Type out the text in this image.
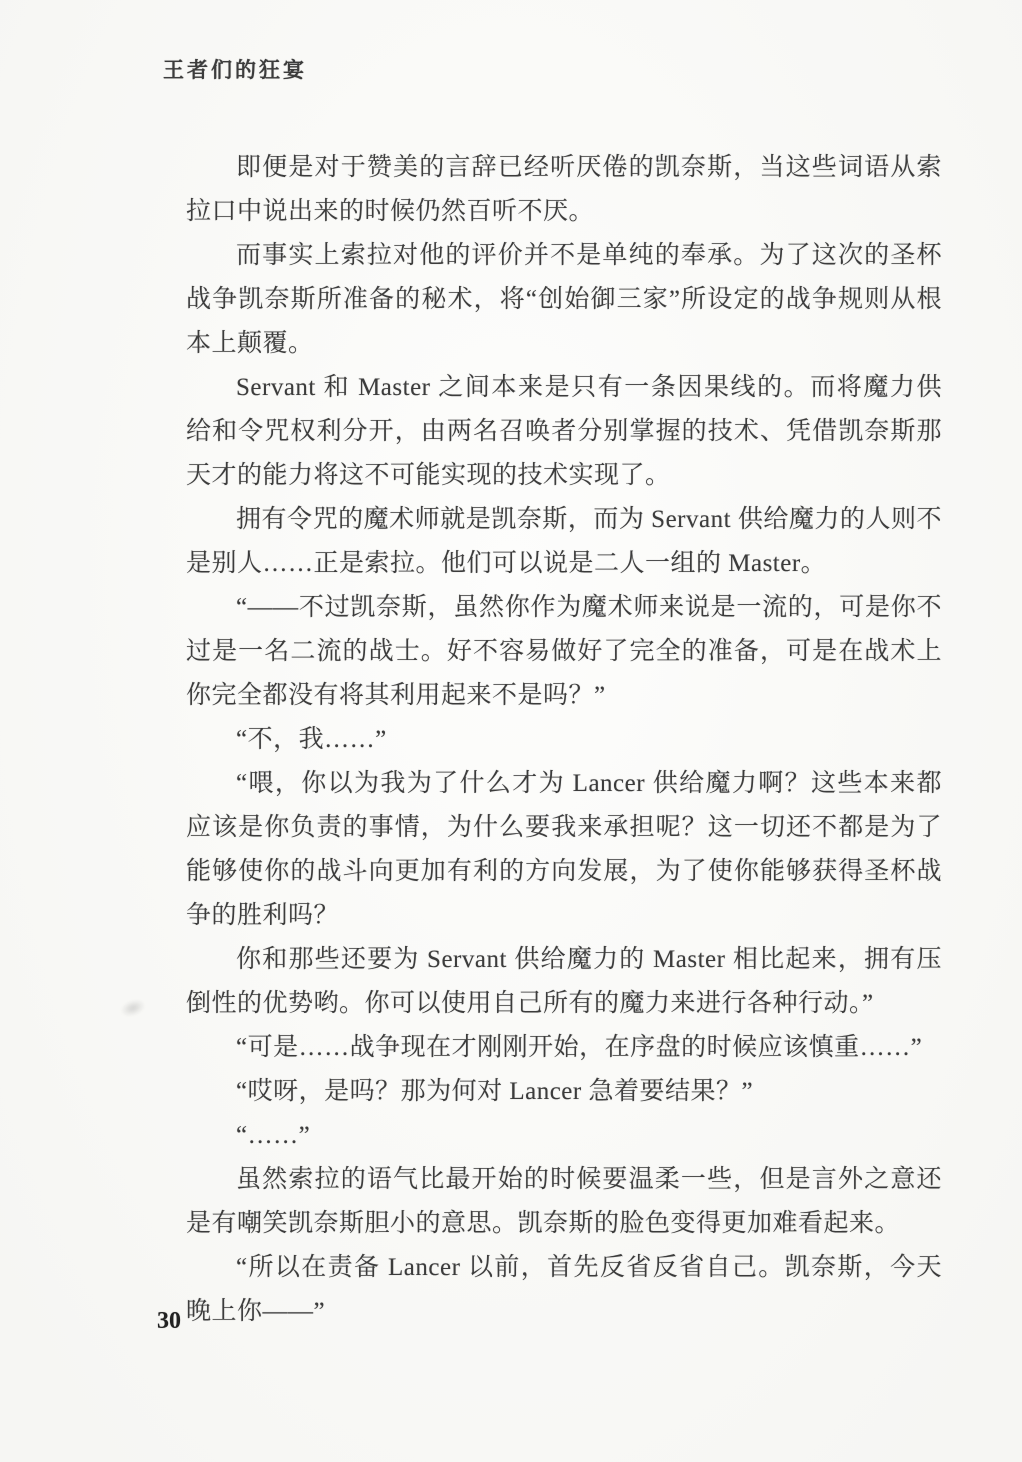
王者们的狂宴

即便是对于赞美的言辞已经听厌倦的凯奈斯，当这些词语从索拉口中说出来的时候仍然百听不厌。

而事实上索拉对他的评价并不是单纯的奉承。为了这次的圣杯战争凯奈斯所准备的秘术，将“创始御三家”所设定的战争规则从根本上颠覆。

Servant 和 Master 之间本来是只有一条因果线的。而将魔力供给和令咒权利分开，由两名召唤者分别掌握的技术、凭借凯奈斯那天才的能力将这不可能实现的技术实现了。

拥有令咒的魔术师就是凯奈斯，而为 Servant 供给魔力的人则不是别人……正是索拉。他们可以说是二人一组的 Master。

“——不过凯奈斯，虽然你作为魔术师来说是一流的，可是你不过是一名二流的战士。好不容易做好了完全的准备，可是在战术上你完全都没有将其利用起来不是吗？”

“不，我……”

“喂，你以为我为了什么才为 Lancer 供给魔力啊？这些本来都应该是你负责的事情，为什么要我来承担呢？这一切还不都是为了能够使你的战斗向更加有利的方向发展，为了使你能够获得圣杯战争的胜利吗？

你和那些还要为 Servant 供给魔力的 Master 相比起来，拥有压倒性的优势哟。你可以使用自己所有的魔力来进行各种行动。”

“可是……战争现在才刚刚开始，在序盘的时候应该慎重……”

“哎呀，是吗？那为何对 Lancer 急着要结果？”

“……”

虽然索拉的语气比最开始的时候要温柔一些，但是言外之意还是有嘲笑凯奈斯胆小的意思。凯奈斯的脸色变得更加难看起来。

“所以在责备 Lancer 以前，首先反省反省自己。凯奈斯，今天晚上你——”

30
